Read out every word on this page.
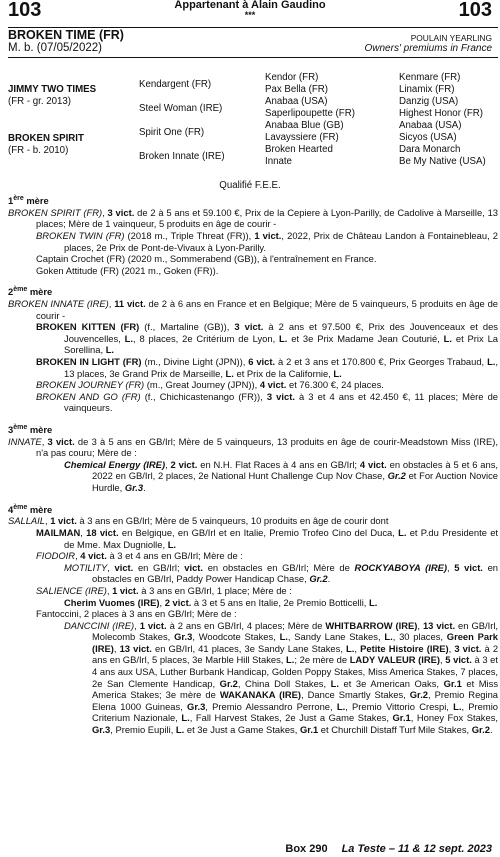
103	Appartenant à Alain Gaudino
***	103
BROKEN TIME (FR)
M. b. (07/05/2022)
POULAIN YEARLING
Owners' premiums in France
JIMMY TWO TIMES
(FR - gr. 2013)
BROKEN SPIRIT
(FR - b. 2010)
Kendargent (FR)
Steel Woman (IRE)
Spirit One (FR)
Broken Innate (IRE)
Kendor (FR)
Pax Bella (FR)
Anabaa (USA)
Saperlipoupette (FR)
Anabaa Blue (GB)
Lavayssiere (FR)
Broken Hearted
Innate
Kenmare (FR)
Linamix (FR)
Danzig (USA)
Highest Honor (FR)
Anabaa (USA)
Sicyos (USA)
Dara Monarch
Be My Native (USA)
Qualifié F.E.E.
1ère mère

BROKEN SPIRIT (FR), 3 vict. de 2 à 5 ans et 59.100 €, Prix de la Cepiere à Lyon-Parilly, de Cadolive à Marseille, 13 places; Mère de 1 vainqueur, 5 produits en âge de courir -

BROKEN TWIN (FR) (2018 m., Triple Threat (FR)), 1 vict., 2022, Prix de Château Landon à Fontainebleau, 2 places, 2e Prix de Pont-de-Vivaux à Lyon-Parilly.

Captain Crochet (FR) (2020 m., Sommerabend (GB)), à l'entraînement en France.

Goken Attitude (FR) (2021 m., Goken (FR)).

2ème mère

BROKEN INNATE (IRE), 11 vict. de 2 à 6 ans en France et en Belgique; Mère de 5 vainqueurs, 5 produits en âge de courir -

BROKEN KITTEN (FR) (f., Martaline (GB)), 3 vict. à 2 ans et 97.500 €, Prix des Jouvenceaux et des Jouvencelles, L., 8 places, 2e Critérium de Lyon, L. et 3e Prix Madame Jean Couturié, L. et Prix La Sorellina, L.

BROKEN IN LIGHT (FR) (m., Divine Light (JPN)), 6 vict. à 2 et 3 ans et 170.800 €, Prix Georges Trabaud, L., 13 places, 3e Grand Prix de Marseille, L. et Prix de la Californie, L.

BROKEN JOURNEY (FR) (m., Great Journey (JPN)), 4 vict. et 76.300 €, 24 places.

BROKEN AND GO (FR) (f., Chichicastenango (FR)), 3 vict. à 3 et 4 ans et 42.450 €, 11 places; Mère de vainqueurs.

3ème mère

INNATE, 3 vict. de 3 à 5 ans en GB/Irl; Mère de 5 vainqueurs, 13 produits en âge de courir-Meadstown Miss (IRE), n'a pas couru; Mère de :

Chemical Energy (IRE), 2 vict. en N.H. Flat Races à 4 ans en GB/Irl; 4 vict. en obstacles à 5 et 6 ans, 2022 en GB/Irl, 2 places, 2e National Hunt Challenge Cup Nov Chase, Gr.2 et For Auction Novice Hurdle, Gr.3.

4ème mère

SALLAIL, 1 vict. à 3 ans en GB/Irl; Mère de 5 vainqueurs, 10 produits en âge de courir dont

MAILMAN, 18 vict. en Belgique, en GB/Irl et en Italie, Premio Trofeo Cino del Duca, L. et P.du Presidente et de Mme. Max Dugniolle, L.

FIODOIR, 4 vict. à 3 et 4 ans en GB/Irl; Mère de :

MOTILITY, vict. en GB/Irl; vict. en obstacles en GB/Irl; Mère de ROCKYABOYA (IRE), 5 vict. en obstacles en GB/Irl, Paddy Power Handicap Chase, Gr.2.

SALIENCE (IRE), 1 vict. à 3 ans en GB/Irl, 1 place; Mère de :

Cherim Vuomes (IRE), 2 vict. à 3 et 5 ans en Italie, 2e Premio Botticelli, L.

Fantoccini, 2 places à 3 ans en GB/Irl; Mère de :

DANCCINI (IRE), 1 vict. à 2 ans en GB/Irl, 4 places; Mère de WHITBARROW (IRE), 13 vict. en GB/Irl, Molecomb Stakes, Gr.3, Woodcote Stakes, L., Sandy Lane Stakes, L., 30 places, Green Park (IRE), 13 vict. en GB/Irl, 41 places, 3e Sandy Lane Stakes, L., Petite Histoire (IRE), 3 vict. à 2 ans en GB/Irl, 5 places, 3e Marble Hill Stakes, L.; 2e mère de LADY VALEUR (IRE), 5 vict. à 3 et 4 ans aux USA, Luther Burbank Handicap, Golden Poppy Stakes, Miss America Stakes, 7 places, 2e San Clemente Handicap, Gr.2, China Doll Stakes, L. et 3e American Oaks, Gr.1 et Miss America Stakes; 3e mère de WAKANAKA (IRE), Dance Smartly Stakes, Gr.2, Premio Regina Elena 1000 Guineas, Gr.3, Premio Alessandro Perrone, L., Premio Vittorio Crespi, L., Premio Criterium Nazionale, L., Fall Harvest Stakes, 2e Just a Game Stakes, Gr.1, Honey Fox Stakes, Gr.3, Premio Eupili, L. et 3e Just a Game Stakes, Gr.1 et Churchill Distaff Turf Mile Stakes, Gr.2.

Box 290 La Teste – 11 & 12 sept. 2023
